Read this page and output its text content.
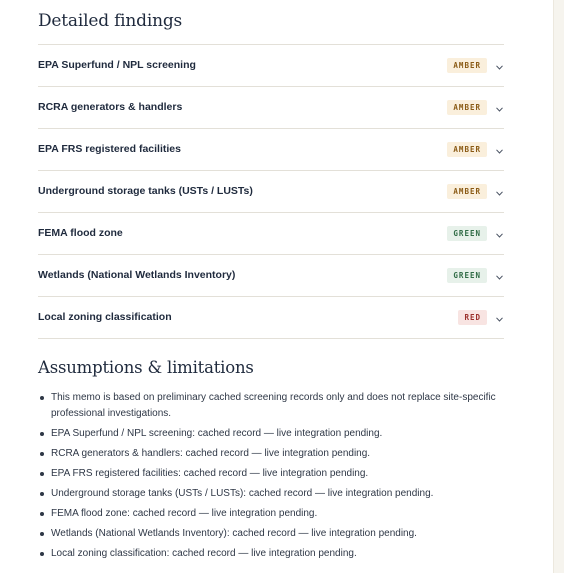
Detailed findings
EPA Superfund / NPL screening	AMBER
RCRA generators & handlers	AMBER
EPA FRS registered facilities	AMBER
Underground storage tanks (USTs / LUSTs)	AMBER
FEMA flood zone	GREEN
Wetlands (National Wetlands Inventory)	GREEN
Local zoning classification	RED
Assumptions & limitations
This memo is based on preliminary cached screening records only and does not replace site-specific professional investigations.
EPA Superfund / NPL screening: cached record — live integration pending.
RCRA generators & handlers: cached record — live integration pending.
EPA FRS registered facilities: cached record — live integration pending.
Underground storage tanks (USTs / LUSTs): cached record — live integration pending.
FEMA flood zone: cached record — live integration pending.
Wetlands (National Wetlands Inventory): cached record — live integration pending.
Local zoning classification: cached record — live integration pending.
